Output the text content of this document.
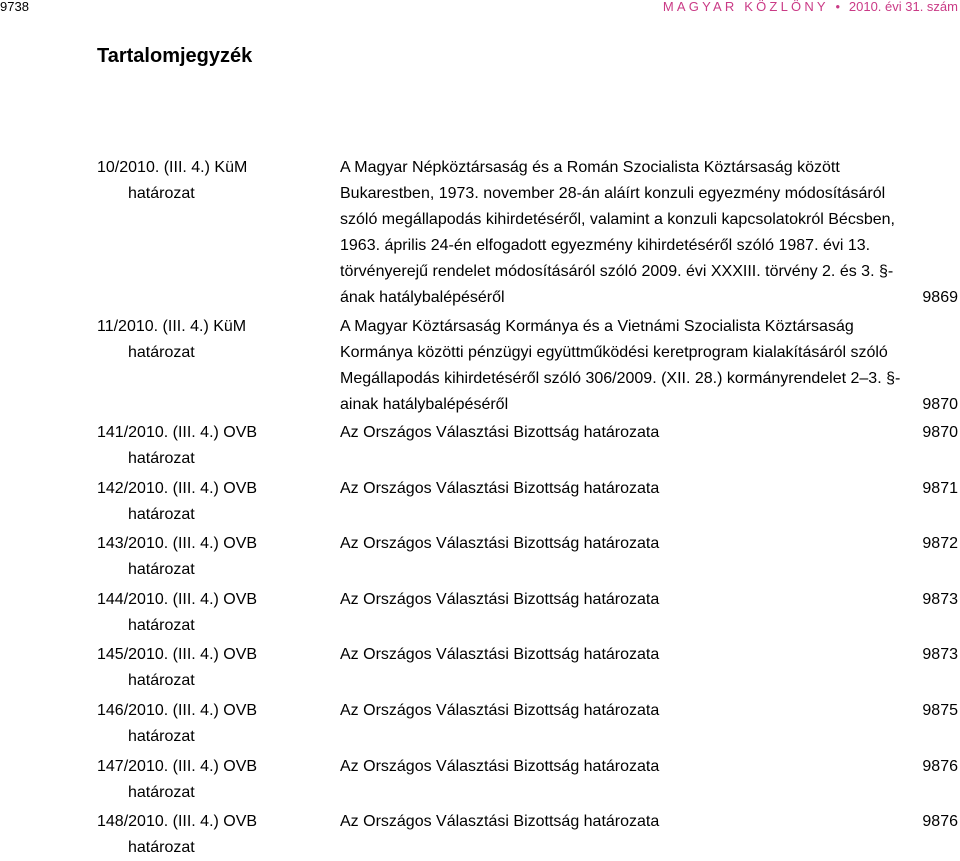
9738	MAGYAR KÖZLÖNY ● 2010. évi 31. szám
Tartalomjegyzék
10/2010. (III. 4.) KüM
határozat
A Magyar Népköztársaság és a Román Szocialista Köztársaság között Bukarestben, 1973. november 28-án aláírt konzuli egyezmény módosításáról szóló megállapodás kihirdetéséről, valamint a konzuli kapcsolatokról Bécsben, 1963. április 24-én elfogadott egyezmény kihirdetéséről szóló 1987. évi 13. törvényerejű rendelet módosításáról szóló 2009. évi XXXIII. törvény 2. és 3. §-ának hatálybalépéséről	9869
11/2010. (III. 4.) KüM
határozat
A Magyar Köztársaság Kormánya és a Vietnámi Szocialista Köztársaság Kormánya közötti pénzügyi együttműködési keretprogram kialakításáról szóló Megállapodás kihirdetéséről szóló 306/2009. (XII. 28.) kormányrendelet 2–3. §-ainak hatálybalépéséről	9870
141/2010. (III. 4.) OVB
határozat
Az Országos Választási Bizottság határozata	9870
142/2010. (III. 4.) OVB
határozat
Az Országos Választási Bizottság határozata	9871
143/2010. (III. 4.) OVB
határozat
Az Országos Választási Bizottság határozata	9872
144/2010. (III. 4.) OVB
határozat
Az Országos Választási Bizottság határozata	9873
145/2010. (III. 4.) OVB
határozat
Az Országos Választási Bizottság határozata	9873
146/2010. (III. 4.) OVB
határozat
Az Országos Választási Bizottság határozata	9875
147/2010. (III. 4.) OVB
határozat
Az Országos Választási Bizottság határozata	9876
148/2010. (III. 4.) OVB
határozat
Az Országos Választási Bizottság határozata	9876
